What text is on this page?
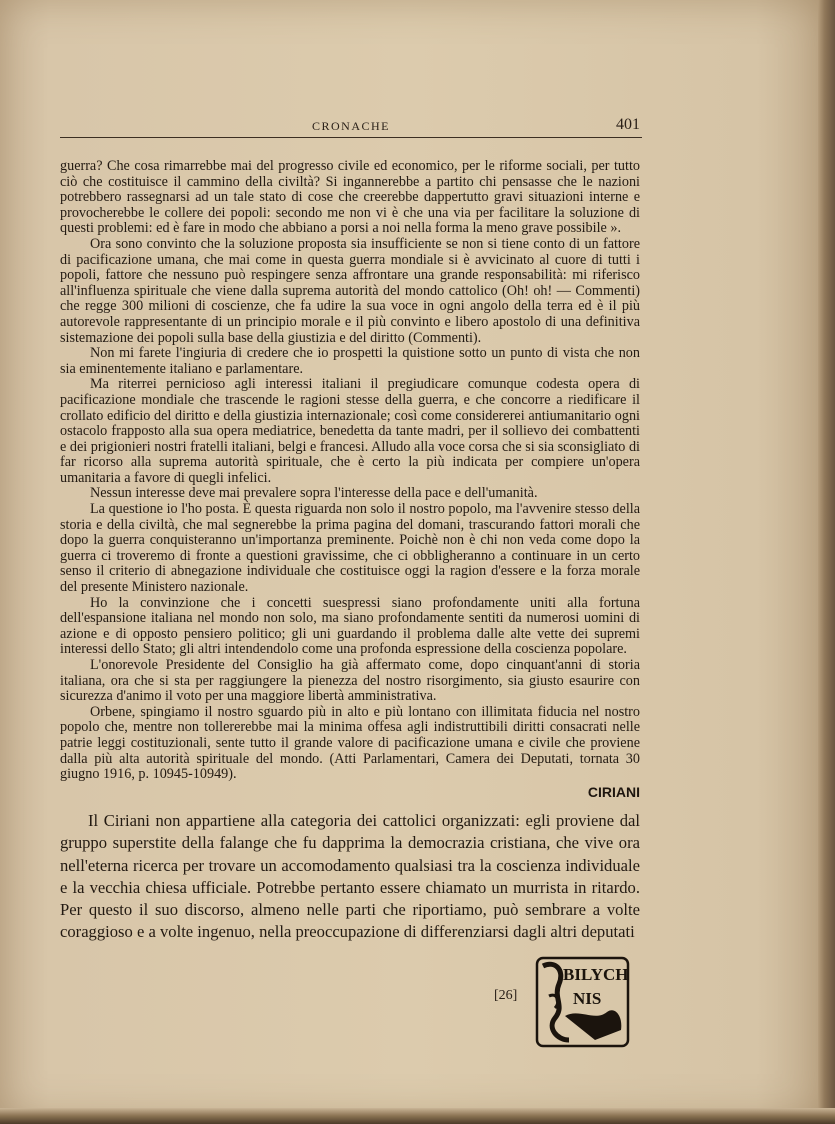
CRONACHE	401

guerra? Che cosa rimarrebbe mai del progresso civile ed economico, per le riforme sociali, per tutto ciò che costituisce il cammino della civiltà? Si ingannerebbe a partito chi pensasse che le nazioni potrebbero rassegnarsi ad un tale stato di cose che creerebbe dappertutto gravi situazioni interne e provocherebbe le collere dei popoli: secondo me non vi è che una via per facilitare la soluzione di questi problemi: ed è fare in modo che abbiano a porsi a noi nella forma la meno grave possibile ».

Ora sono convinto che la soluzione proposta sia insufficiente se non si tiene conto di un fattore di pacificazione umana, che mai come in questa guerra mondiale si è avvicinato al cuore di tutti i popoli, fattore che nessuno può respingere senza affrontare una grande responsabilità: mi riferisco all'influenza spirituale che viene dalla suprema autorità del mondo cattolico (Oh! oh! — Commenti) che regge 300 milioni di coscienze, che fa udire la sua voce in ogni angolo della terra ed è il più autorevole rappresentante di un principio morale e il più convinto e libero apostolo di una definitiva sistemazione dei popoli sulla base della giustizia e del diritto (Commenti).

Non mi farete l'ingiuria di credere che io prospetti la quistione sotto un punto di vista che non sia eminentemente italiano e parlamentare.

Ma riterrei pernicioso agli interessi italiani il pregiudicare comunque codesta opera di pacificazione mondiale che trascende le ragioni stesse della guerra, e che concorre a riedificare il crollato edificio del diritto e della giustizia internazionale; così come considererei antiumanitario ogni ostacolo frapposto alla sua opera mediatrice, benedetta da tante madri, per il sollievo dei combattenti e dei prigionieri nostri fratelli italiani, belgi e francesi. Alludo alla voce corsa che si sia sconsigliato di far ricorso alla suprema autorità spirituale, che è certo la più indicata per compiere un'opera umanitaria a favore di quegli infelici.

Nessun interesse deve mai prevalere sopra l'interesse della pace e dell'umanità.

La questione io l'ho posta. È questa riguarda non solo il nostro popolo, ma l'avvenire stesso della storia e della civiltà, che mal segnerebbe la prima pagina del domani, trascurando fattori morali che dopo la guerra conquisteranno un'importanza preminente. Poichè non è chi non veda come dopo la guerra ci troveremo di fronte a questioni gravissime, che ci obbligheranno a continuare in un certo senso il criterio di abnegazione individuale che costituisce oggi la ragion d'essere e la forza morale del presente Ministero nazionale.

Ho la convinzione che i concetti suespressi siano profondamente uniti alla fortuna dell'espansione italiana nel mondo non solo, ma siano profondamente sentiti da numerosi uomini di azione e di opposto pensiero politico; gli uni guardando il problema dalle alte vette dei supremi interessi dello Stato; gli altri intendendolo come una profonda espressione della coscienza popolare.

L'onorevole Presidente del Consiglio ha già affermato come, dopo cinquant'anni di storia italiana, ora che si sta per raggiungere la pienezza del nostro risorgimento, sia giusto esaurire con sicurezza d'animo il voto per una maggiore libertà amministrativa.

Orbene, spingiamo il nostro sguardo più in alto e più lontano con illimitata fiducia nel nostro popolo che, mentre non tollererebbe mai la minima offesa agli indistruttibili diritti consacrati nelle patrie leggi costituzionali, sente tutto il grande valore di pacificazione umana e civile che proviene dalla più alta autorità spirituale del mondo. (Atti Parlamentari, Camera dei Deputati, tornata 30 giugno 1916, p. 10945-10949).

CIRIANI

Il Ciriani non appartiene alla categoria dei cattolici organizzati: egli proviene dal gruppo superstite della falange che fu dapprima la democrazia cristiana, che vive ora nell'eterna ricerca per trovare un accomodamento qualsiasi tra la coscienza individuale e la vecchia chiesa ufficiale. Potrebbe pertanto essere chiamato un murrista in ritardo. Per questo il suo discorso, almeno nelle parti che riportiamo, può sembrare a volte coraggioso e a volte ingenuo, nella preoccupazione di differenziarsi dagli altri deputati

[26]
BILYCH
NIS
